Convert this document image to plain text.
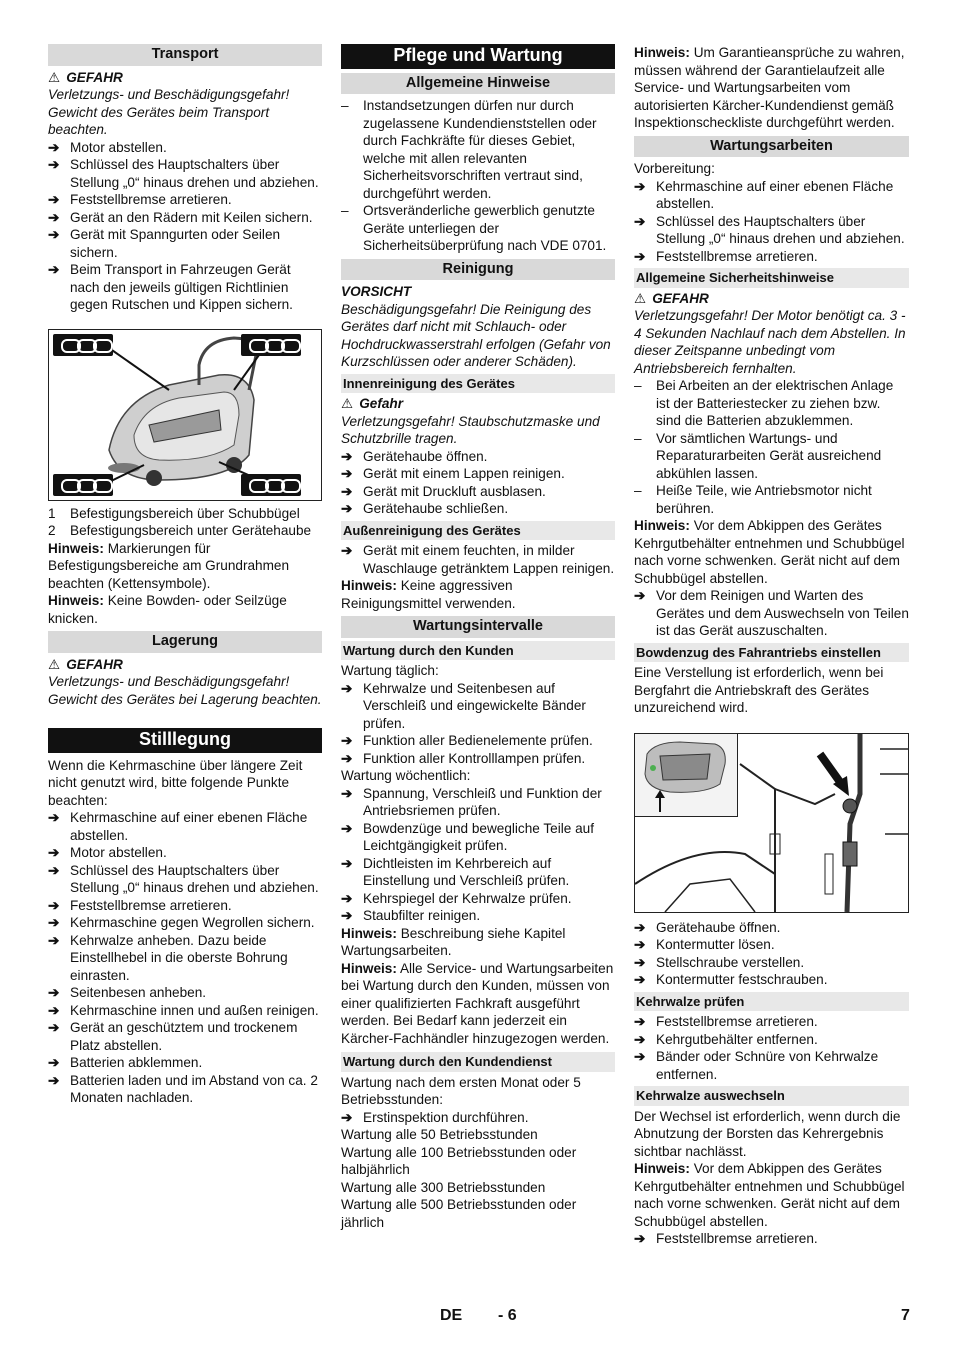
Transport
⚠ GEFAHR

Verletzungs- und Beschädigungsgefahr! Gewicht des Gerätes beim Transport beachten.

➔ Motor abstellen.
➔ Schlüssel des Hauptschalters über Stellung „0“ hinaus drehen und abziehen.
➔ Feststellbremse arretieren.
➔ Gerät an den Rädern mit Keilen sichern.
➔ Gerät mit Spanngurten oder Seilen sichern.
➔ Beim Transport in Fahrzeugen Gerät nach den jeweils gültigen Richtlinien gegen Rutschen und Kippen sichern.
1 Befestigungsbereich über Schubbügel
2 Befestigungsbereich unter Gerätehaube

Hinweis: Markierungen für Befestigungsbereiche am Grundrahmen beachten (Kettensymbole).

Hinweis: Keine Bowden- oder Seilzüge knicken.

Lagerung
⚠ GEFAHR

Verletzungs- und Beschädigungsgefahr! Gewicht des Gerätes bei Lagerung beachten.

Stilllegung

Wenn die Kehrmaschine über längere Zeit nicht genutzt wird, bitte folgende Punkte beachten:

➔ Kehrmaschine auf einer ebenen Fläche abstellen.
➔ Motor abstellen.
➔ Schlüssel des Hauptschalters über Stellung „0“ hinaus drehen und abziehen.
➔ Feststellbremse arretieren.
➔ Kehrmaschine gegen Wegrollen sichern.
➔ Kehrwalze anheben. Dazu beide Einstellhebel in die oberste Bohrung einrasten.
➔ Seitenbesen anheben.
➔ Kehrmaschine innen und außen reinigen.
➔ Gerät an geschütztem und trockenem Platz abstellen.
➔ Batterien abklemmen.
➔ Batterien laden und im Abstand von ca. 2 Monaten nachladen.
Pflege und Wartung
Allgemeine Hinweise
– Instandsetzungen dürfen nur durch zugelassene Kundendienststellen oder durch Fachkräfte für dieses Gebiet, welche mit allen relevanten Sicherheitsvorschriften vertraut sind, durchgeführt werden.
– Ortsveränderliche gewerblich genutzte Geräte unterliegen der Sicherheitsüberprüfung nach VDE 0701.
Reinigung
VORSICHT

Beschädigungsgefahr! Die Reinigung des Gerätes darf nicht mit Schlauch- oder Hochdruckwasserstrahl erfolgen (Gefahr von Kurzschlüssen oder anderer Schäden).

Innenreinigung des Gerätes
⚠ Gefahr

Verletzungsgefahr! Staubschutzmaske und Schutzbrille tragen.

➔ Gerätehaube öffnen.
➔ Gerät mit einem Lappen reinigen.
➔ Gerät mit Druckluft ausblasen.
➔ Gerätehaube schließen.
Außenreinigung des Gerätes
➔ Gerät mit einem feuchten, in milder Waschlauge getränktem Lappen reinigen.

Hinweis: Keine aggressiven Reinigungsmittel verwenden.

Wartungsintervalle
Wartung durch den Kunden

Wartung täglich:

➔ Kehrwalze und Seitenbesen auf Verschleiß und eingewickelte Bänder prüfen.
➔ Funktion aller Bedienelemente prüfen.
➔ Funktion aller Kontrolllampen prüfen.

Wartung wöchentlich:

➔ Spannung, Verschleiß und Funktion der Antriebsriemen prüfen.
➔ Bowdenzüge und bewegliche Teile auf Leichtgängigkeit prüfen.
➔ Dichtleisten im Kehrbereich auf Einstellung und Verschleiß prüfen.
➔ Kehrspiegel der Kehrwalze prüfen.
➔ Staubfilter reinigen.

Hinweis: Beschreibung siehe Kapitel Wartungsarbeiten.

Hinweis: Alle Service- und Wartungsarbeiten bei Wartung durch den Kunden, müssen von einer qualifizierten Fachkraft ausgeführt werden. Bei Bedarf kann jederzeit ein Kärcher-Fachhändler hinzugezogen werden.

Wartung durch den Kundendienst

Wartung nach dem ersten Monat oder 5 Betriebsstunden:

➔ Erstinspektion durchführen.

Wartung alle 50 Betriebsstunden

Wartung alle 100 Betriebsstunden oder halbjährlich

Wartung alle 300 Betriebsstunden

Wartung alle 500 Betriebsstunden oder jährlich

Hinweis: Um Garantieansprüche zu wahren, müssen während der Garantielaufzeit alle Service- und Wartungsarbeiten vom autorisierten Kärcher-Kundendienst gemäß Inspektionscheckliste durchgeführt werden.

Wartungsarbeiten

Vorbereitung:

➔ Kehrmaschine auf einer ebenen Fläche abstellen.
➔ Schlüssel des Hauptschalters über Stellung „0“ hinaus drehen und abziehen.
➔ Feststellbremse arretieren.
Allgemeine Sicherheitshinweise
⚠ GEFAHR

Verletzungsgefahr! Der Motor benötigt ca. 3 - 4 Sekunden Nachlauf nach dem Abstellen. In dieser Zeitspanne unbedingt vom Antriebsbereich fernhalten.

– Bei Arbeiten an der elektrischen Anlage ist der Batteriestecker zu ziehen bzw. sind die Batterien abzuklemmen.
– Vor sämtlichen Wartungs- und Reparaturarbeiten Gerät ausreichend abkühlen lassen.
– Heiße Teile, wie Antriebsmotor nicht berühren.

Hinweis: Vor dem Abkippen des Gerätes Kehrgutbehälter entnehmen und Schubbügel nach vorne schwenken. Gerät nicht auf dem Schubbügel abstellen.

➔ Vor dem Reinigen und Warten des Gerätes und dem Auswechseln von Teilen ist das Gerät auszuschalten.
Bowdenzug des Fahrantriebs einstellen

Eine Verstellung ist erforderlich, wenn bei Bergfahrt die Antriebskraft des Gerätes unzureichend wird.

➔ Gerätehaube öffnen.
➔ Kontermutter lösen.
➔ Stellschraube verstellen.
➔ Kontermutter festschrauben.
Kehrwalze prüfen
➔ Feststellbremse arretieren.
➔ Kehrgutbehälter entfernen.
➔ Bänder oder Schnüre von Kehrwalze entfernen.
Kehrwalze auswechseln

Der Wechsel ist erforderlich, wenn durch die Abnutzung der Borsten das Kehrergebnis sichtbar nachlässt.

Hinweis: Vor dem Abkippen des Gerätes Kehrgutbehälter entnehmen und Schubbügel nach vorne schwenken. Gerät nicht auf dem Schubbügel abstellen.

➔ Feststellbremse arretieren.
DE - 6	7
